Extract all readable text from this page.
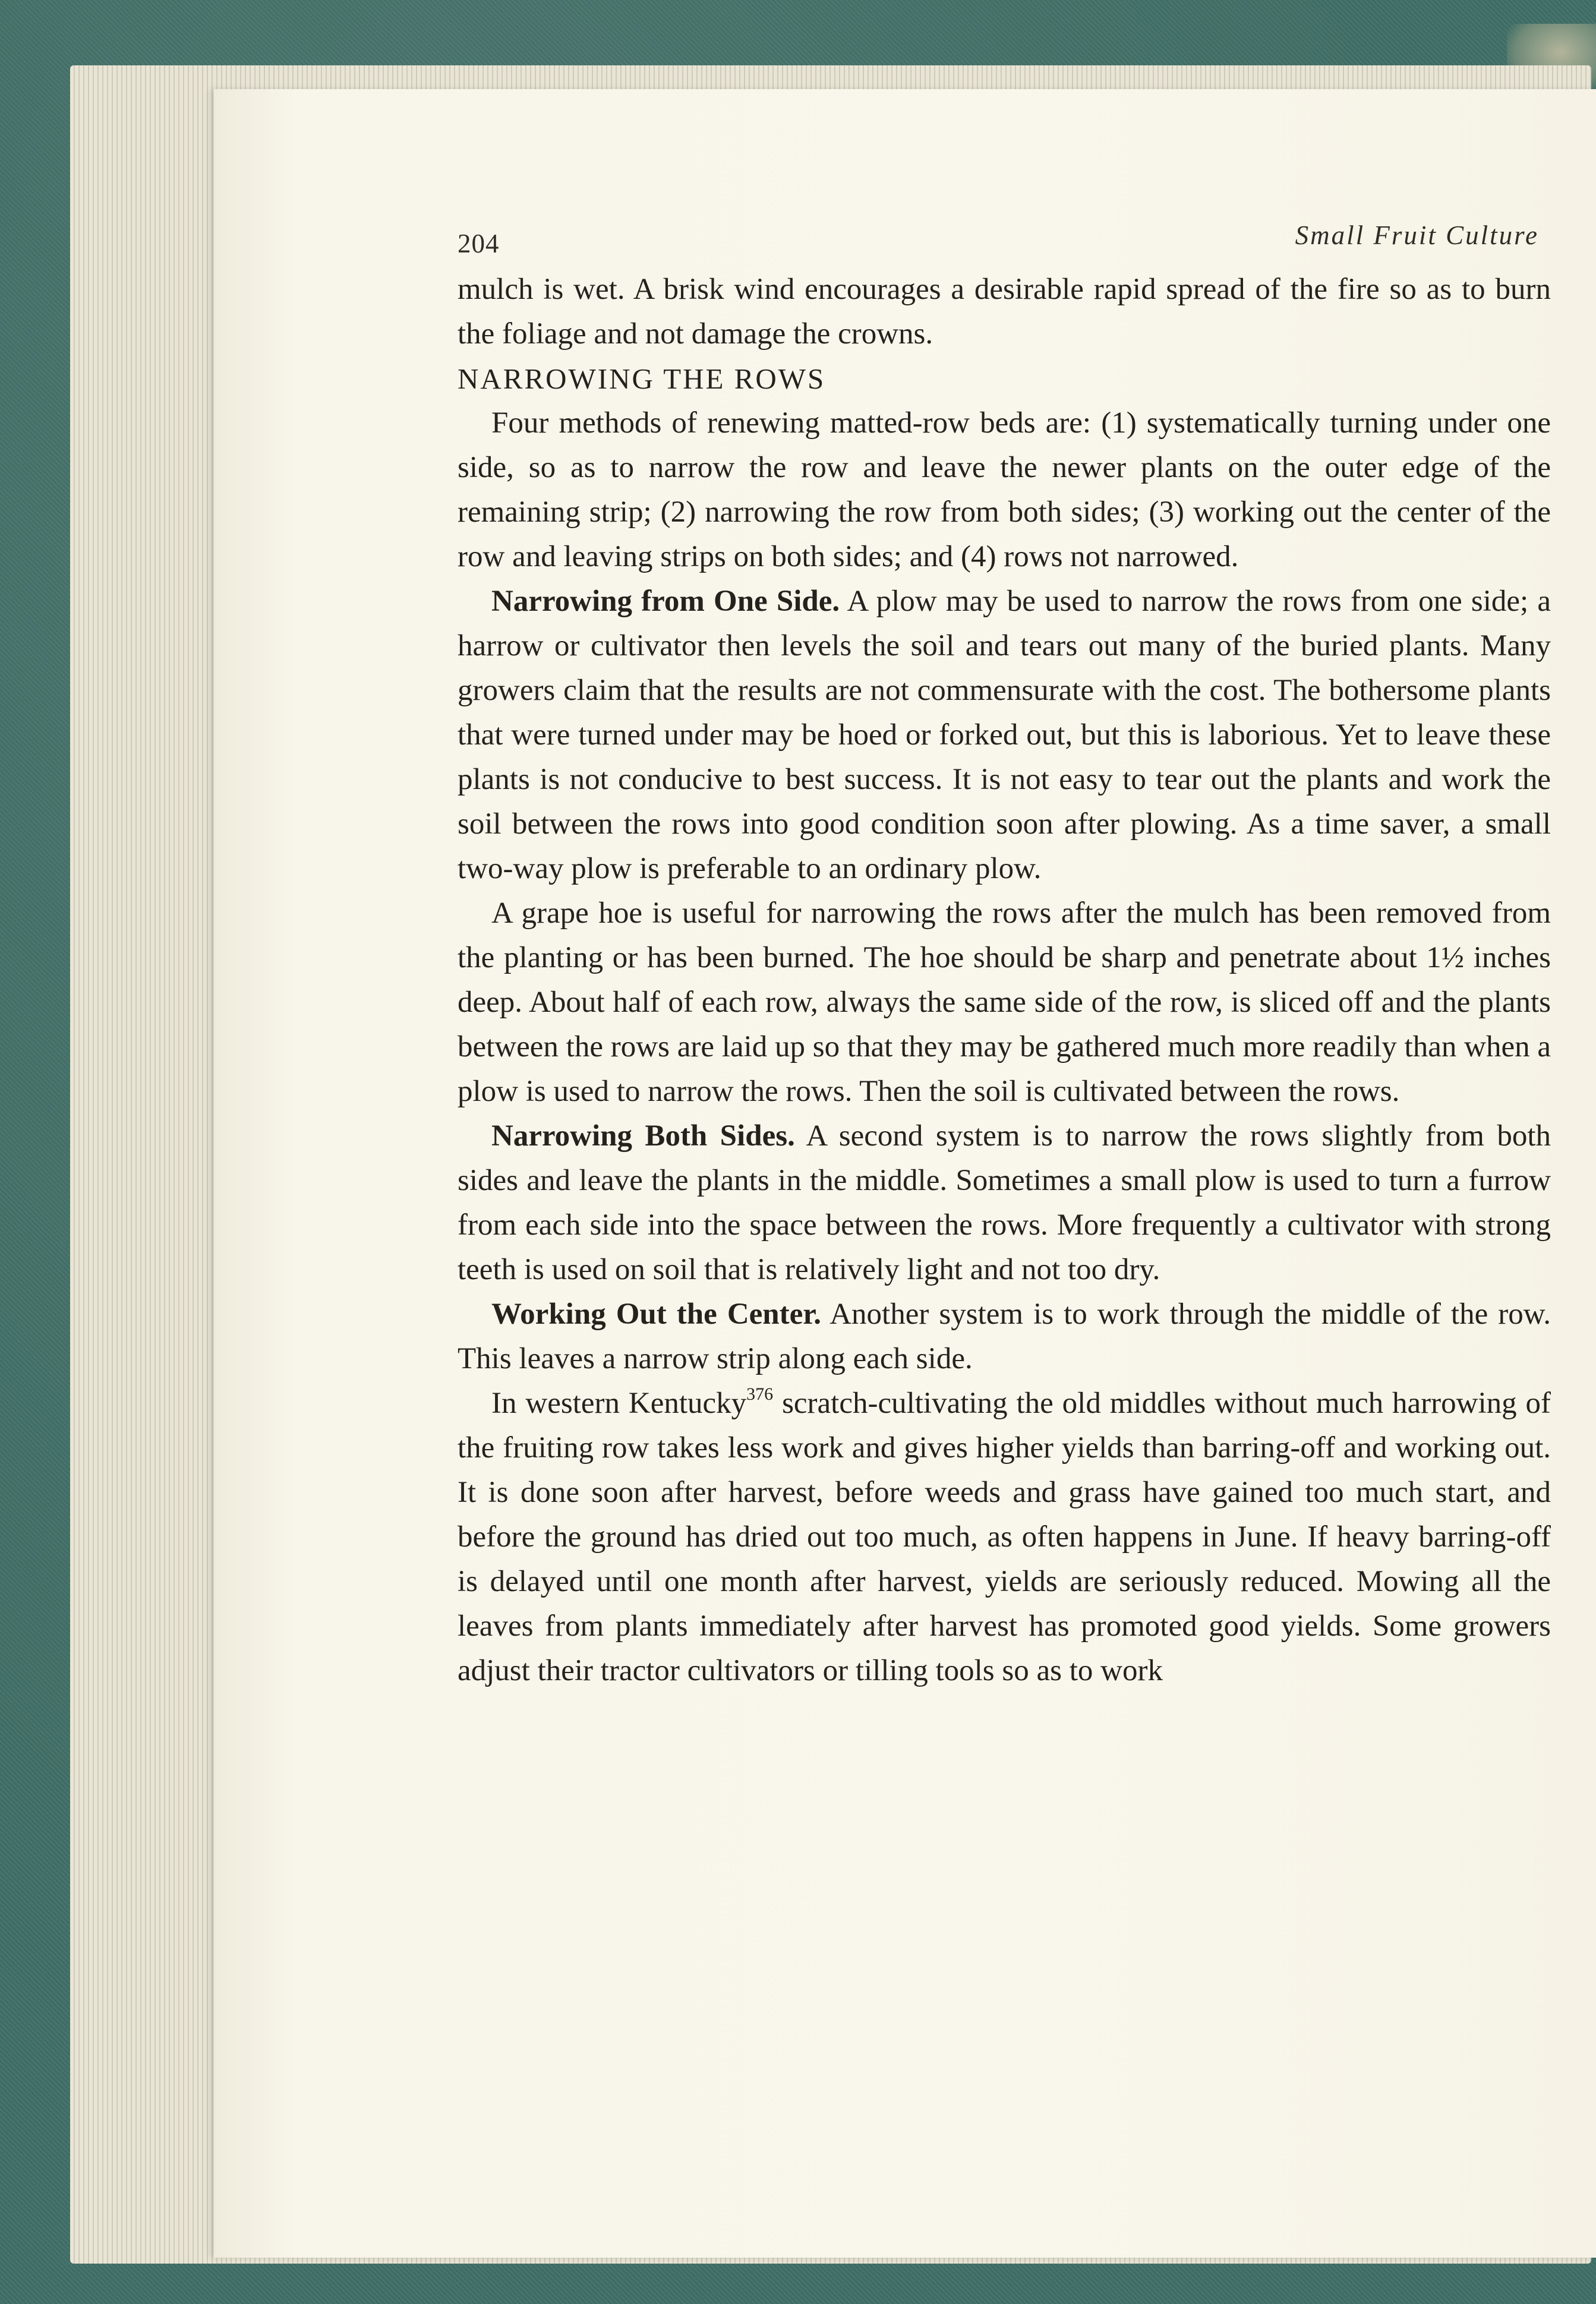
204	Small Fruit Culture

mulch is wet. A brisk wind encourages a desirable rapid spread of the fire so as to burn the foliage and not damage the crowns.

NARROWING THE ROWS

Four methods of renewing matted-row beds are: (1) systematically turning under one side, so as to narrow the row and leave the newer plants on the outer edge of the remaining strip; (2) narrowing the row from both sides; (3) working out the center of the row and leaving strips on both sides; and (4) rows not narrowed.

Narrowing from One Side. A plow may be used to narrow the rows from one side; a harrow or cultivator then levels the soil and tears out many of the buried plants. Many growers claim that the results are not commensurate with the cost. The bothersome plants that were turned under may be hoed or forked out, but this is laborious. Yet to leave these plants is not conducive to best success. It is not easy to tear out the plants and work the soil between the rows into good condition soon after plowing. As a time saver, a small two-way plow is preferable to an ordinary plow.

A grape hoe is useful for narrowing the rows after the mulch has been removed from the planting or has been burned. The hoe should be sharp and penetrate about 1½ inches deep. About half of each row, always the same side of the row, is sliced off and the plants between the rows are laid up so that they may be gathered much more readily than when a plow is used to narrow the rows. Then the soil is cultivated between the rows.

Narrowing Both Sides. A second system is to narrow the rows slightly from both sides and leave the plants in the middle. Sometimes a small plow is used to turn a furrow from each side into the space between the rows. More frequently a cultivator with strong teeth is used on soil that is relatively light and not too dry.

Working Out the Center. Another system is to work through the middle of the row. This leaves a narrow strip along each side.

In western Kentucky$^{376}$ scratch-cultivating the old middles without much harrowing of the fruiting row takes less work and gives higher yields than barring-off and working out. It is done soon after harvest, before weeds and grass have gained too much start, and before the ground has dried out too much, as often happens in June. If heavy barring-off is delayed until one month after harvest, yields are seriously reduced. Mowing all the leaves from plants immediately after harvest has promoted good yields. Some growers adjust their tractor cultivators or tilling tools so as to work
